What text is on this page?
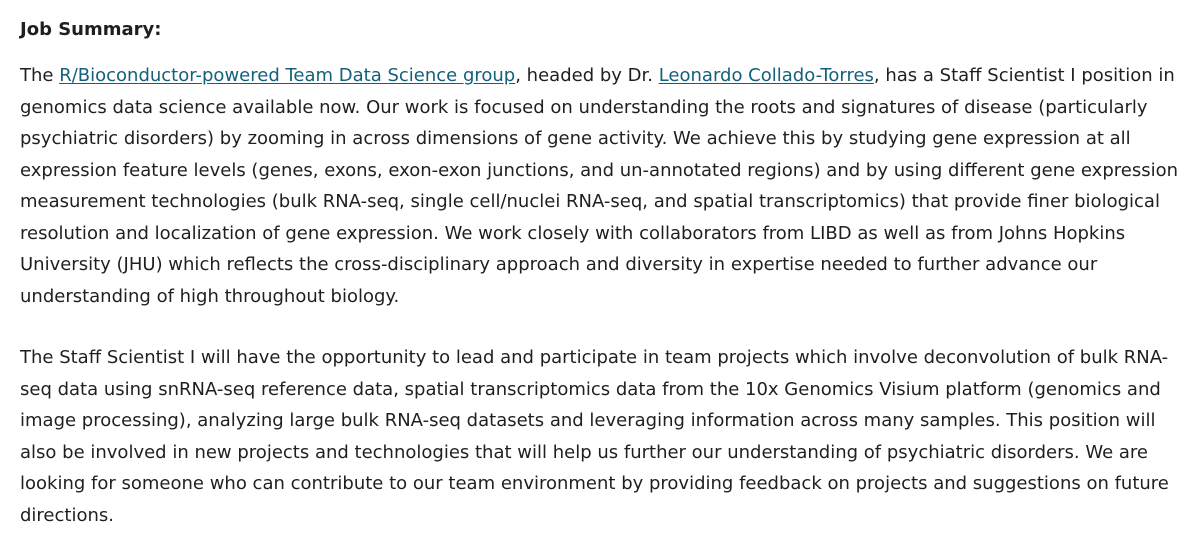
Job Summary:

The R/Bioconductor-powered Team Data Science group, headed by Dr. Leonardo Collado-Torres, has a Staff Scientist I position in genomics data science available now. Our work is focused on understanding the roots and signatures of disease (particularly psychiatric disorders) by zooming in across dimensions of gene activity. We achieve this by studying gene expression at all expression feature levels (genes, exons, exon-exon junctions, and un-annotated regions) and by using different gene expression measurement technologies (bulk RNA-seq, single cell/nuclei RNA-seq, and spatial transcriptomics) that provide finer biological resolution and localization of gene expression. We work closely with collaborators from LIBD as well as from Johns Hopkins University (JHU) which reflects the cross-disciplinary approach and diversity in expertise needed to further advance our understanding of high throughout biology.

The Staff Scientist I will have the opportunity to lead and participate in team projects which involve deconvolution of bulk RNA-seq data using snRNA-seq reference data, spatial transcriptomics data from the 10x Genomics Visium platform (genomics and image processing), analyzing large bulk RNA-seq datasets and leveraging information across many samples. This position will also be involved in new projects and technologies that will help us further our understanding of psychiatric disorders. We are looking for someone who can contribute to our team environment by providing feedback on projects and suggestions on future directions.
